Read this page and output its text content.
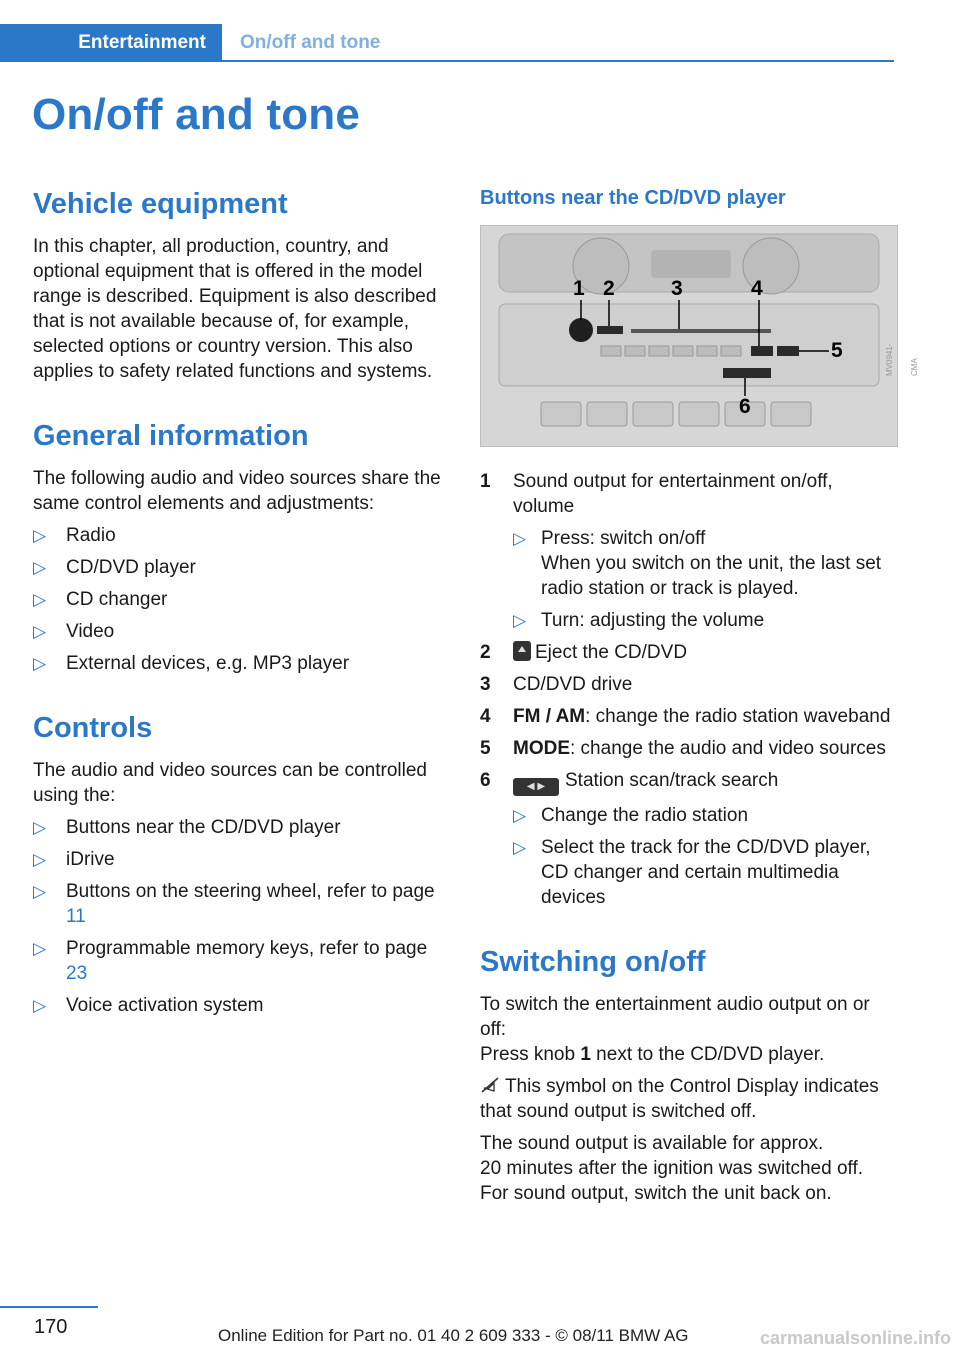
Entertainment	On/off and tone
On/off and tone
Vehicle equipment

In this chapter, all production, country, and optional equipment that is offered in the model range is described. Equipment is also described that is not available because of, for example, selected options or country version. This also applies to safety related functions and systems.

General information

The following audio and video sources share the same control elements and adjustments:

▷ Radio
▷ CD/DVD player
▷ CD changer
▷ Video
▷ External devices, e.g. MP3 player
Controls

The audio and video sources can be controlled using the:

▷ Buttons near the CD/DVD player
▷ iDrive
▷ Buttons on the steering wheel, refer to page 11
▷ Programmable memory keys, refer to page 23
▷ Voice activation system
Buttons near the CD/DVD player
1 2	3	4
5
6
MV0941-CMA
1 Sound output for entertainment on/off, volume
▷ Press: switch on/off
When you switch on the unit, the last set radio station or track is played.
▷ Turn: adjusting the volume
2 Eject the CD/DVD
3 CD/DVD drive
4 FM / AM: change the radio station waveband
5 MODE: change the audio and video sources
6	◀ ▶ Station scan/track search
▷ Change the radio station
▷ Select the track for the CD/DVD player, CD changer and certain multimedia devices
Switching on/off

To switch the entertainment audio output on or off:
Press knob 1 next to the CD/DVD player.

This symbol on the Control Display indicates that sound output is switched off.

The sound output is available for approx.
20 minutes after the ignition was switched off.
For sound output, switch the unit back on.

170	Online Edition for Part no. 01 40 2 609 333 - © 08/11 BMW AG	carmanualsonline.info
